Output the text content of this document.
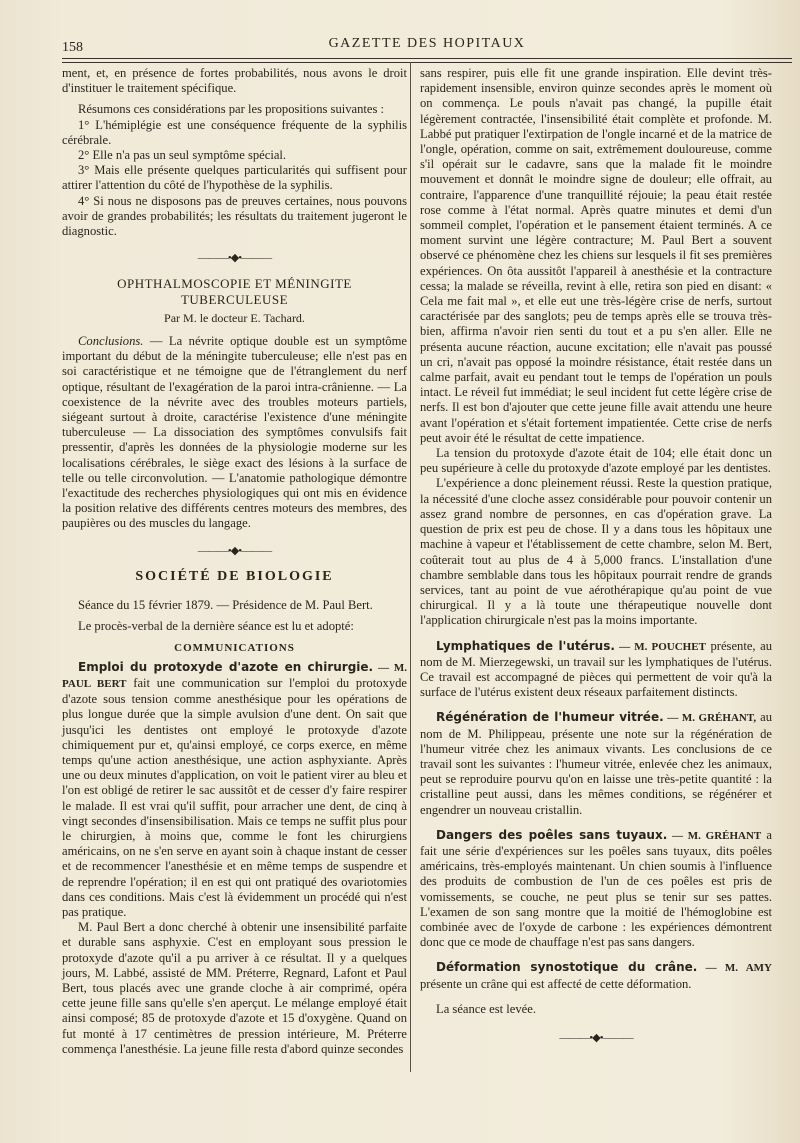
158	GAZETTE DES HOPITAUX

ment, et, en présence de fortes probabilités, nous avons le droit d'instituer le traitement spécifique.

Résumons ces considérations par les propositions suivantes :

1° L'hémiplégie est une conséquence fréquente de la syphilis cérébrale.

2° Elle n'a pas un seul symptôme spécial.

3° Mais elle présente quelques particularités qui suffisent pour attirer l'attention du côté de l'hypothèse de la syphilis.

4° Si nous ne disposons pas de preuves certaines, nous pouvons avoir de grandes probabilités; les résultats du traitement jugeront le diagnostic.

———•◆•———
OPHTHALMOSCOPIE ET MÉNINGITE TUBERCULEUSE
Par M. le docteur E. Tachard.

Conclusions. — La névrite optique double est un symptôme important du début de la méningite tuberculeuse; elle n'est pas en soi caractéristique et ne témoigne que de l'étranglement du nerf optique, résultant de l'exagération de la paroi intra-crânienne. — La coexistence de la névrite avec des troubles moteurs partiels, siégeant surtout à droite, caractérise l'existence d'une méningite tuberculeuse — La dissociation des symptômes convulsifs fait pressentir, d'après les données de la physiologie moderne sur les localisations cérébrales, le siège exact des lésions à la surface de telle ou telle circonvolution. — L'anatomie pathologique démontre l'exactitude des recherches physiologiques qui ont mis en évidence la position relative des différents centres moteurs des membres, des paupières ou des muscles du langage.

———•◆•———
SOCIÉTÉ DE BIOLOGIE

Séance du 15 février 1879. — Présidence de M. Paul Bert.

Le procès-verbal de la dernière séance est lu et adopté:

COMMUNICATIONS

Emploi du protoxyde d'azote en chirurgie. — M. PAUL BERT fait une communication sur l'emploi du protoxyde d'azote sous tension comme anesthésique pour les opérations de plus longue durée que la simple avulsion d'une dent. On sait que jusqu'ici les dentistes ont employé le protoxyde d'azote chimiquement pur et, qu'ainsi employé, ce corps exerce, en même temps qu'une action anesthésique, une action asphyxiante. Après une ou deux minutes d'application, on voit le patient virer au bleu et l'on est obligé de retirer le sac aussitôt et de cesser d'y faire respirer le malade. Il est vrai qu'il suffit, pour arracher une dent, de cinq à vingt secondes d'insensibilisation. Mais ce temps ne suffit plus pour le chirurgien, à moins que, comme le font les chirurgiens américains, on ne s'en serve en ayant soin à chaque instant de cesser et de recommencer l'anesthésie et en même temps de suspendre et de reprendre l'opération; il en est qui ont pratiqué des ovariotomies dans ces conditions. Mais c'est là évidemment un procédé qui n'est pas pratique.

M. Paul Bert a donc cherché à obtenir une insensibilité parfaite et durable sans asphyxie. C'est en employant sous pression le protoxyde d'azote qu'il a pu arriver à ce résultat. Il y a quelques jours, M. Labbé, assisté de MM. Préterre, Regnard, Lafont et Paul Bert, tous placés avec une grande cloche à air comprimé, opéra cette jeune fille sans qu'elle s'en aperçut. Le mélange employé était ainsi composé; 85 de protoxyde d'azote et 15 d'oxygène. Quand on fut monté à 17 centimètres de pression intérieure, M. Préterre commença l'anesthésie. La jeune fille resta d'abord quinze secondes

sans respirer, puis elle fit une grande inspiration. Elle devint très-rapidement insensible, environ quinze secondes après le moment où on commença. Le pouls n'avait pas changé, la pupille était légèrement contractée, l'insensibilité était complète et profonde. M. Labbé put pratiquer l'extirpation de l'ongle incarné et de la matrice de l'ongle, opération, comme on sait, extrêmement douloureuse, comme s'il opérait sur le cadavre, sans que la malade fit le moindre mouvement et donnât le moindre signe de douleur; elle offrait, au contraire, l'apparence d'une tranquillité réjouie; la peau était restée rose comme à l'état normal. Après quatre minutes et demi d'un sommeil complet, l'opération et le pansement étaient terminés. A ce moment survint une légère contracture; M. Paul Bert a souvent observé ce phénomène chez les chiens sur lesquels il fit ses premières expériences. On ôta aussitôt l'appareil à anesthésie et la contracture cessa; la malade se réveilla, revint à elle, retira son pied en disant: « Cela me fait mal », et elle eut une très-légère crise de nerfs, surtout caractérisée par des sanglots; peu de temps après elle se trouva très-bien, affirma n'avoir rien senti du tout et a pu s'en aller. Elle ne présenta aucune réaction, aucune excitation; elle n'avait pas poussé un cri, n'avait pas opposé la moindre résistance, était restée dans un calme parfait, avait eu pendant tout le temps de l'opération un pouls intact. Le réveil fut immédiat; le seul incident fut cette légère crise de nerfs. Il est bon d'ajouter que cette jeune fille avait attendu une heure avant l'opération et s'était fortement impatientée. Cette crise de nerfs peut avoir été le résultat de cette impatience.

La tension du protoxyde d'azote était de 104; elle était donc un peu supérieure à celle du protoxyde d'azote employé par les dentistes.

L'expérience a donc pleinement réussi. Reste la question pratique, la nécessité d'une cloche assez considérable pour pouvoir contenir un assez grand nombre de personnes, en cas d'opération grave. La question de prix est peu de chose. Il y a dans tous les hôpitaux une machine à vapeur et l'établissement de cette chambre, selon M. Bert, coûterait tout au plus de 4 à 5,000 francs. L'installation d'une chambre semblable dans tous les hôpitaux pourrait rendre de grands services, tant au point de vue aérothérapique qu'au point de vue chirurgical. Il y a là toute une thérapeutique nouvelle dont l'application chirurgicale n'est pas la moins importante.

Lymphatiques de l'utérus. — M. POUCHET présente, au nom de M. Mierzegewski, un travail sur les lymphatiques de l'utérus. Ce travail est accompagné de pièces qui permettent de voir qu'à la surface de l'utérus existent deux réseaux parfaitement distincts.

Régénération de l'humeur vitrée. — M. GRÉHANT, au nom de M. Philippeau, présente une note sur la régénération de l'humeur vitrée chez les animaux vivants. Les conclusions de ce travail sont les suivantes : l'humeur vitrée, enlevée chez les animaux, peut se reproduire pourvu qu'on en laisse une très-petite quantité : la cristalline peut aussi, dans les mêmes conditions, se régénérer et engendrer un nouveau cristallin.

Dangers des poêles sans tuyaux. — M. GRÉHANT a fait une série d'expériences sur les poêles sans tuyaux, dits poêles américains, très-employés maintenant. Un chien soumis à l'influence des produits de combustion de l'un de ces poêles est pris de vomissements, se couche, ne peut plus se tenir sur ses pattes. L'examen de son sang montre que la moitié de l'hémoglobine est combinée avec de l'oxyde de carbone : les expériences démontrent donc que ce mode de chauffage n'est pas sans dangers.

Déformation synostotique du crâne. — M. AMY présente un crâne qui est affecté de cette déformation.

La séance est levée.

———•◆•———
